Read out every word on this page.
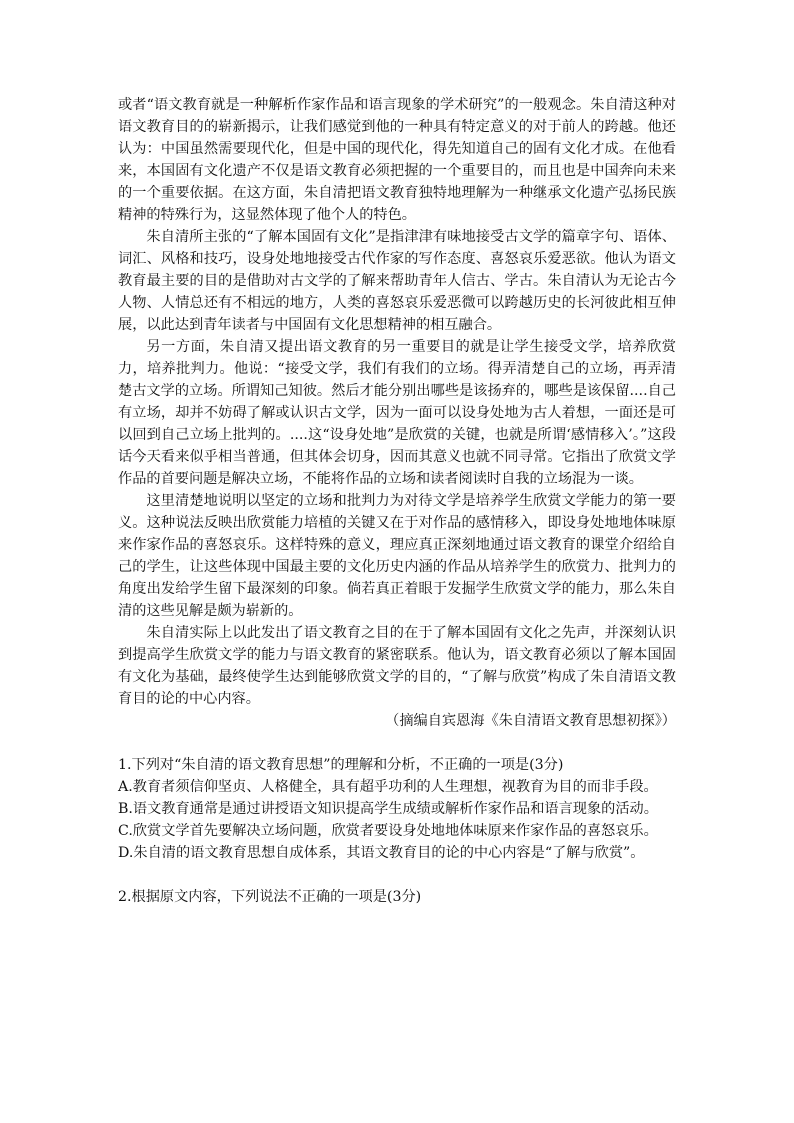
或者“语文教育就是一种解析作家作品和语言现象的学术研究”的一般观念。朱自清这种对语文教育目的的崭新揭示，让我们感觉到他的一种具有特定意义的对于前人的跨越。他还认为：中国虽然需要现代化，但是中国的现代化，得先知道自己的固有文化才成。在他看来，本国固有文化遗产不仅是语文教育必须把握的一个重要目的，而且也是中国奔向未来的一个重要依据。在这方面，朱自清把语文教育独特地理解为一种继承文化遗产弘扬民族精神的特殊行为，这显然体现了他个人的特色。

朱自清所主张的“了解本国固有文化”是指津津有味地接受古文学的篇章字句、语体、词汇、风格和技巧，设身处地地接受古代作家的写作态度、喜怒哀乐爱恶欲。他认为语文教育最主要的目的是借助对古文学的了解来帮助青年人信古、学古。朱自清认为无论古今人物、人情总还有不相远的地方，人类的喜怒哀乐爱恶微可以跨越历史的长河彼此相互伸展，以此达到青年读者与中国固有文化思想精神的相互融合。

另一方面，朱自清又提出语文教育的另一重要目的就是让学生接受文学，培养欣赏力，培养批判力。他说：“接受文学，我们有我们的立场。得弄清楚自己的立场，再弄清楚古文学的立场。所谓知己知彼。然后才能分别出哪些是该扬弃的，哪些是该保留....自己有立场，却并不妨碍了解或认识古文学，因为一面可以设身处地为古人着想，一面还是可以回到自己立场上批判的。....这“设身处地”是欣赏的关键，也就是所谓‘感情移入’。”这段话今天看来似乎相当普通，但其体会切身，因而其意义也就不同寻常。它指出了欣赏文学作品的首要问题是解决立场，不能将作品的立场和读者阅读时自我的立场混为一谈。

这里清楚地说明以坚定的立场和批判力为对待文学是培养学生欣赏文学能力的第一要义。这种说法反映出欣赏能力培植的关键又在于对作品的感情移入，即设身处地地体味原来作家作品的喜怒哀乐。这样特殊的意义，理应真正深刻地通过语文教育的课堂介绍给自己的学生，让这些体现中国最主要的文化历史内涵的作品从培养学生的欣赏力、批判力的角度出发给学生留下最深刻的印象。倘若真正着眼于发掘学生欣赏文学的能力，那么朱自清的这些见解是颇为崭新的。

朱自清实际上以此发出了语文教育之目的在于了解本国固有文化之先声，并深刻认识到提高学生欣赏文学的能力与语文教育的紧密联系。他认为，语文教育必须以了解本国固有文化为基础，最终使学生达到能够欣赏文学的目的，“了解与欣赏”构成了朱自清语文教育目的论的中心内容。

（摘编自宾恩海《朱自清语文教育思想初探》）

1.下列对“朱自清的语文教育思想”的理解和分析，不正确的一项是(3分)

A.教育者须信仰坚贞、人格健全，具有超乎功利的人生理想，视教育为目的而非手段。

B.语文教育通常是通过讲授语文知识提高学生成绩或解析作家作品和语言现象的活动。

C.欣赏文学首先要解决立场问题，欣赏者要设身处地地体味原来作家作品的喜怒哀乐。

D.朱自清的语文教育思想自成体系，其语文教育目的论的中心内容是“了解与欣赏”。

2.根据原文内容，下列说法不正确的一项是(3分)
